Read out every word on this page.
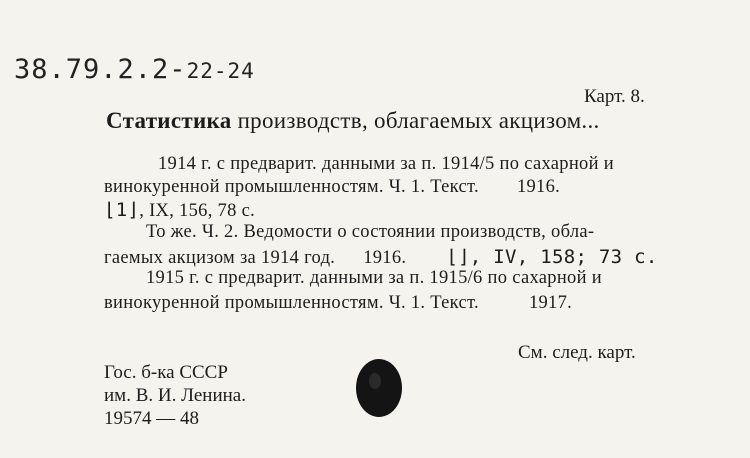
38.79.2.2-22-24
Карт. 8.
Статистика производств, облагаемых акцизом...
1914 г. с предварит. данными за п. 1914/5 по сахарной и
винокуренной промышленностям. Ч. 1. Текст. 1916.
⌊1⌋, IX, 156, 78 с.
То же. Ч. 2. Ведомости о состоянии производств, обла-
гаемых акцизом за 1914 год. 1916. ⌊⌋, IV, 158; 73 с.
1915 г. с предварит. данными за п. 1915/6 по сахарной и
винокуренной промышленностям. Ч. 1. Текст.	1917.
См. след. карт.
Гос. б-ка СССР
им. В. И. Ленина.
19574 — 48
